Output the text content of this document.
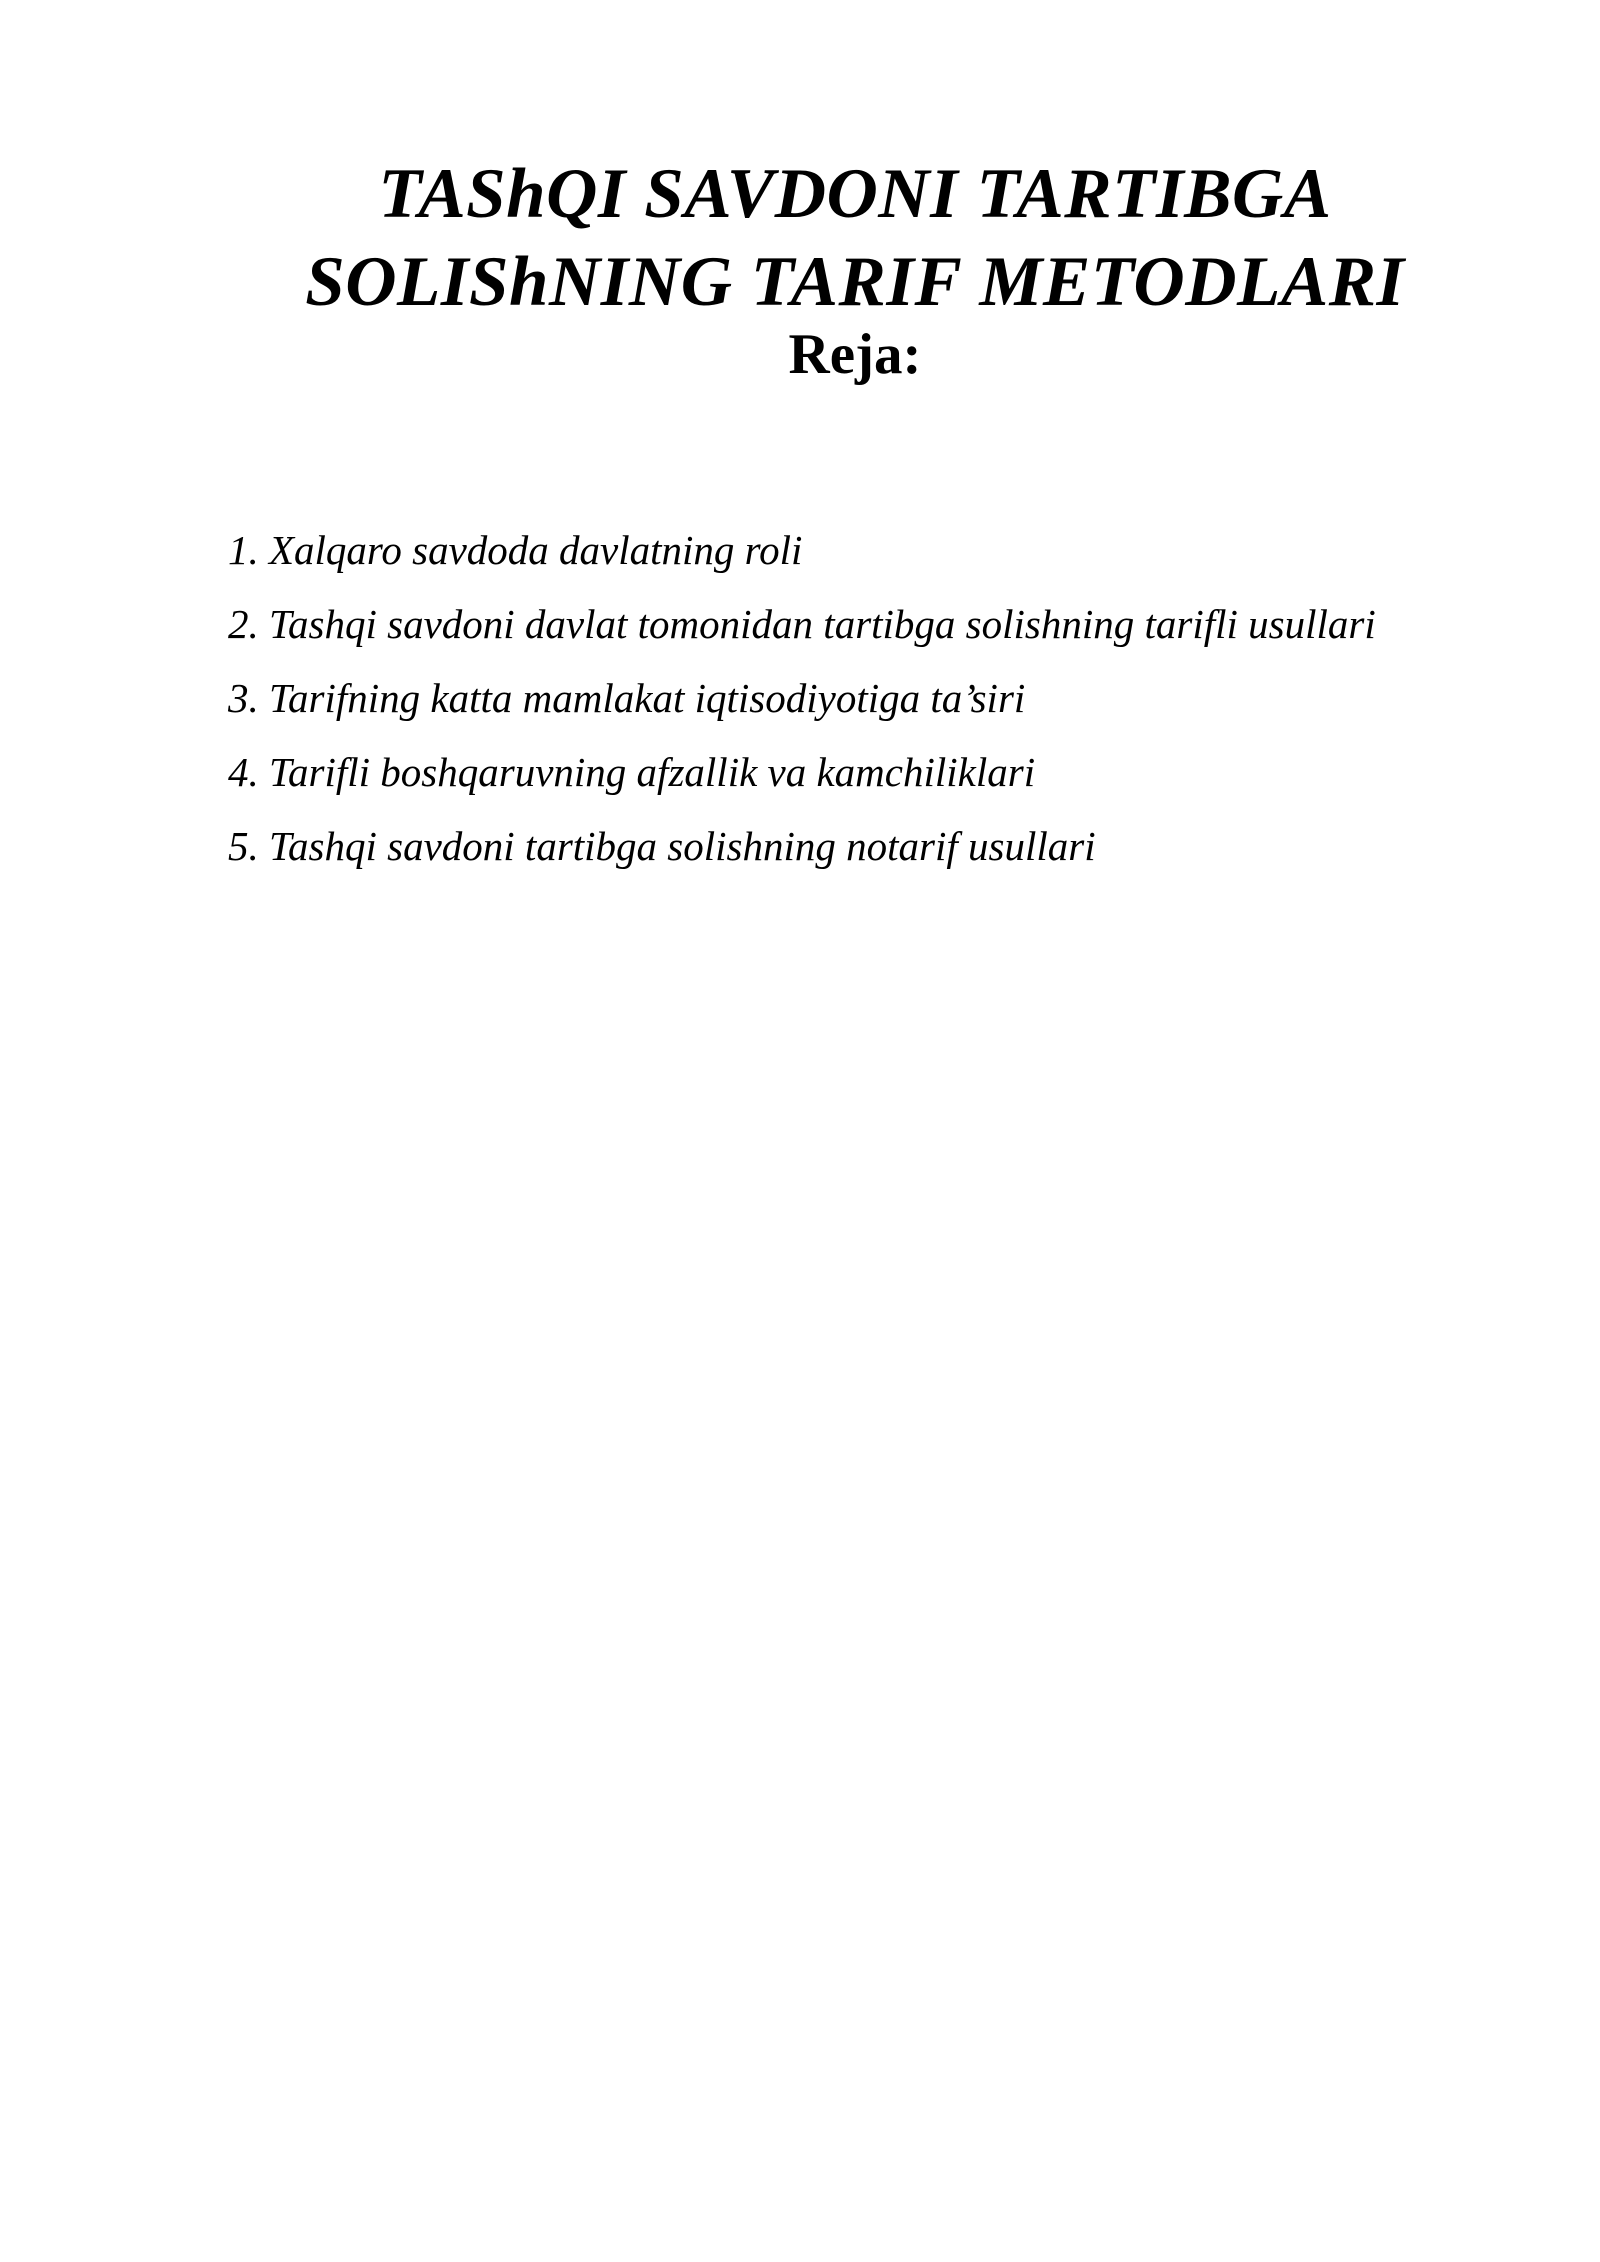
TAShQI SAVDONI TARTIBGA

SOLIShNING TARIF METODLARI

Reja:

1. Xalqaro savdoda davlatning roli
2. Tashqi savdoni davlat tomonidan tartibga solishning tarifli usullari
3. Tarifning katta mamlakat iqtisodiyotiga ta’siri
4. Tarifli boshqaruvning afzallik va kamchiliklari
5. Tashqi savdoni tartibga solishning notarif usullari
